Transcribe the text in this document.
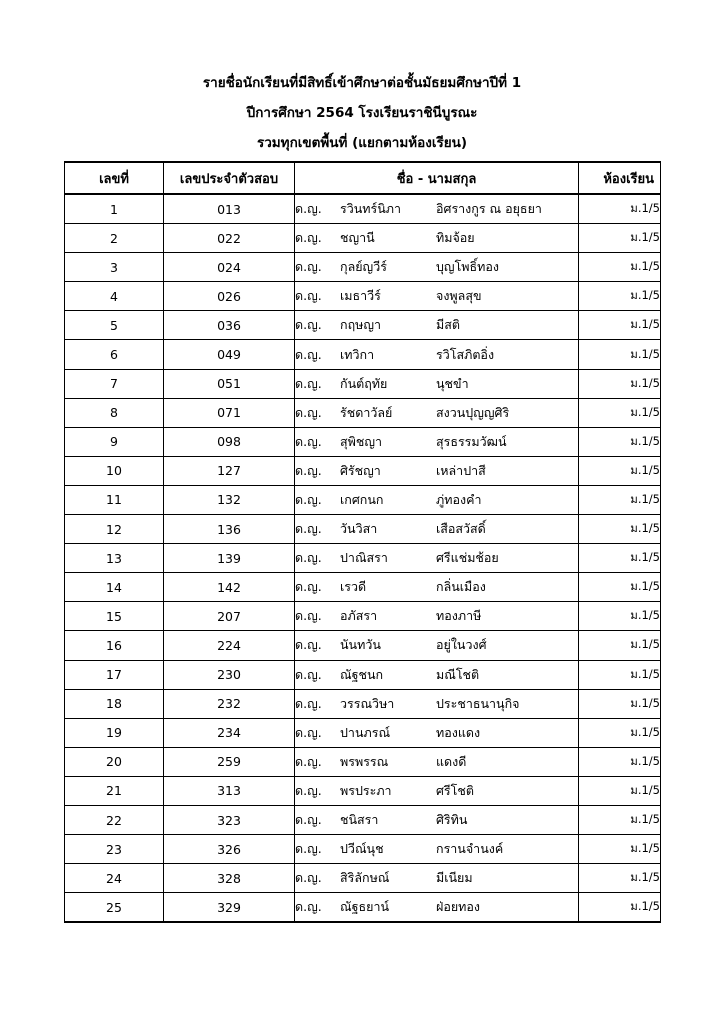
รายชื่อนักเรียนที่มีสิทธิ์เข้าศึกษาต่อชั้นมัธยมศึกษาปีที่ 1
ปีการศึกษา 2564 โรงเรียนราชินีบูรณะ
รวมทุกเขตพื้นที่ (แยกตามห้องเรียน)
เลขที่	เลขประจำตัวสอบ	ชื่อ - นามสกุล	ห้องเรียน
1	013	ด.ญ. รวินทร์นิภา อิศรางกูร ณ อยุธยา	ม.1/5
2	022	ด.ญ. ชญานี ทิมจ้อย	ม.1/5
3	024	ด.ญ. กุลย์ญวีร์ บุญโพธิ์ทอง	ม.1/5
4	026	ด.ญ. เมธาวีร์ จงพูลสุข	ม.1/5
5	036	ด.ญ. กฤษญา มีสติ	ม.1/5
6	049	ด.ญ. เทวิกา รวิโสภิตอิ่ง	ม.1/5
7	051	ด.ญ. กันต์ฤทัย นุชขำ	ม.1/5
8	071	ด.ญ. รัชดาวัลย์ สงวนปุญญศิริ	ม.1/5
9	098	ด.ญ. สุพิชญา สุรธรรมวัฒน์	ม.1/5
10	127	ด.ญ. ศิรัชญา เหล่าปาสี	ม.1/5
11	132	ด.ญ. เกศกนก ภู่ทองคำ	ม.1/5
12	136	ด.ญ. วันวิสา เสือสวัสดิ์	ม.1/5
13	139	ด.ญ. ปาณิสรา ศรีแช่มช้อย	ม.1/5
14	142	ด.ญ. เรวดี กลิ่นเมือง	ม.1/5
15	207	ด.ญ. อภัสรา ทองภาษี	ม.1/5
16	224	ด.ญ. นันทวัน อยู่ในวงศ์	ม.1/5
17	230	ด.ญ. ณัฐชนก มณีโชติ	ม.1/5
18	232	ด.ญ. วรรณวิษา ประชาธนานุกิจ	ม.1/5
19	234	ด.ญ. ปานภรณ์ ทองแดง	ม.1/5
20	259	ด.ญ. พรพรรณ แดงดี	ม.1/5
21	313	ด.ญ. พรประภา ศรีโชติ	ม.1/5
22	323	ด.ญ. ชนิสรา ศิริทิน	ม.1/5
23	326	ด.ญ. ปวีณ์นุช กรานจำนงค์	ม.1/5
24	328	ด.ญ. สิริลักษณ์ มีเนียม	ม.1/5
25	329	ด.ญ. ณัฐธยาน์ ฝ่อยทอง	ม.1/5
